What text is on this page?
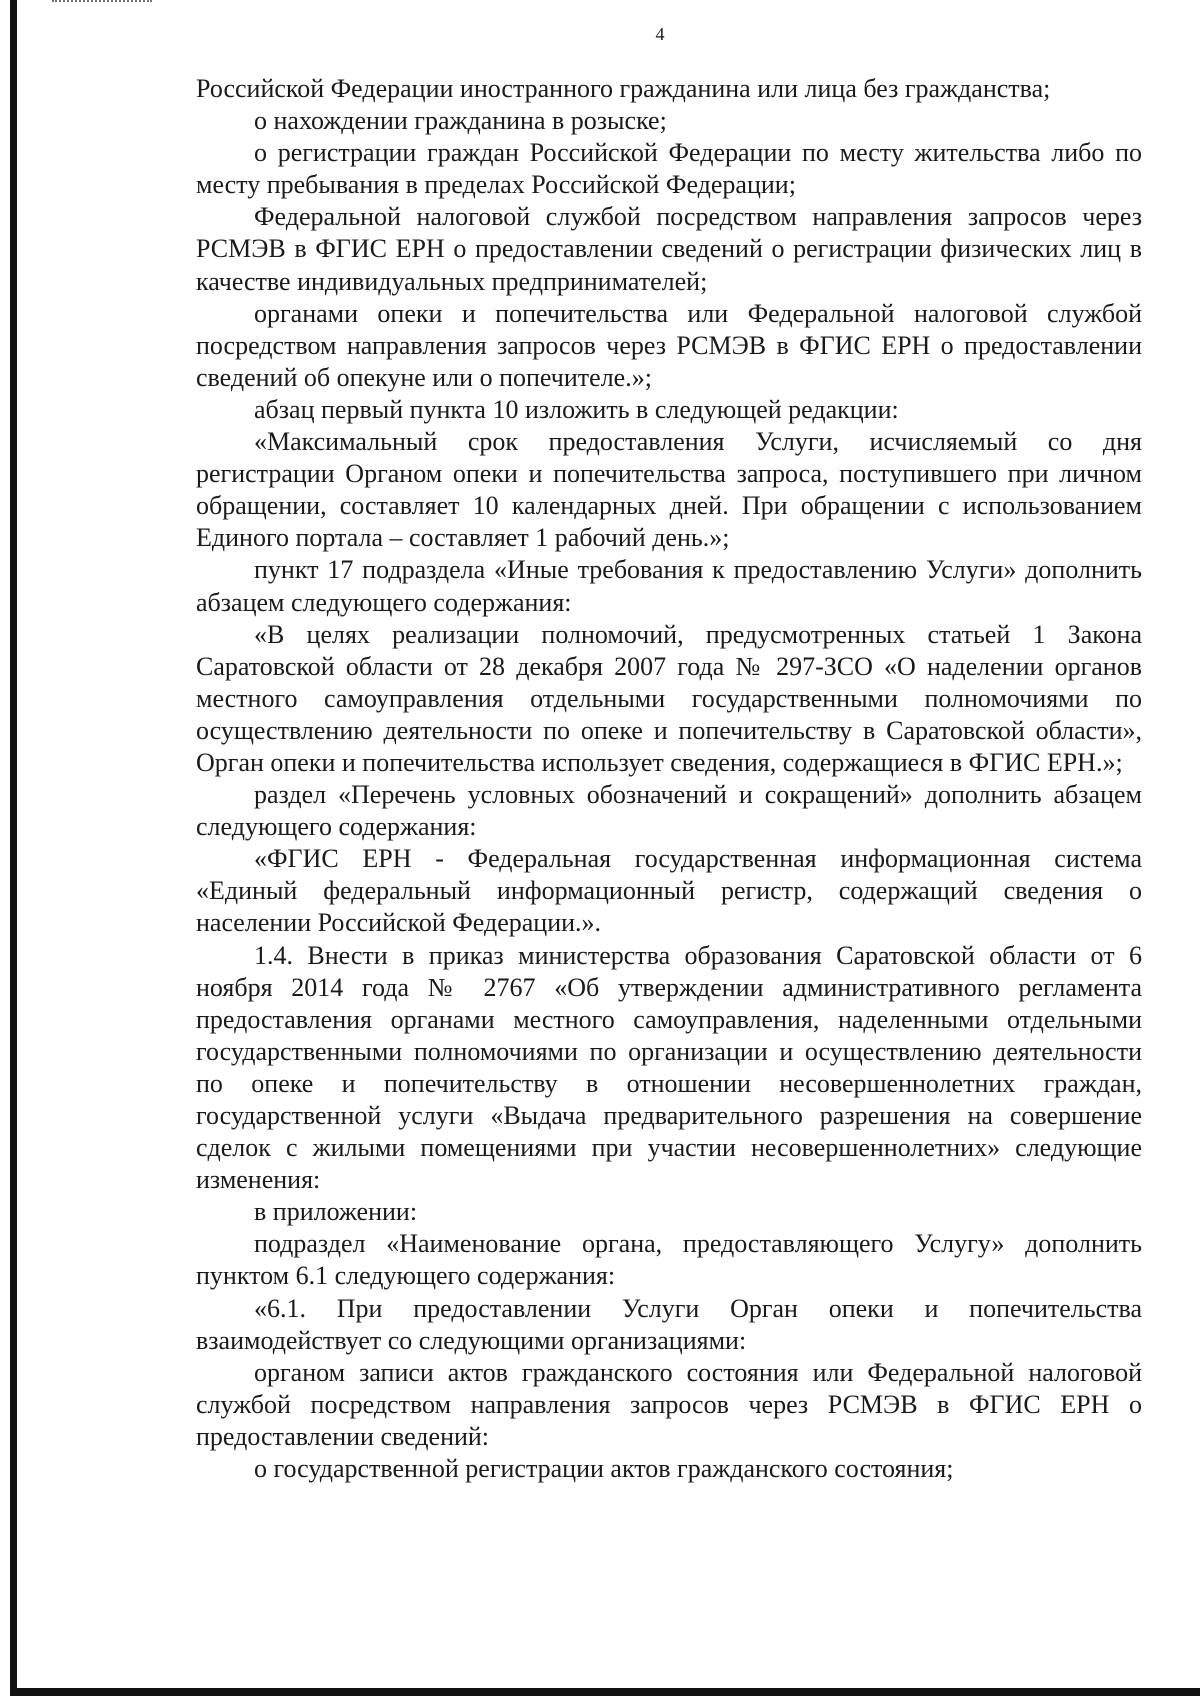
4

Российской Федерации иностранного гражданина или лица без гражданства;

о нахождении гражданина в розыске;

о регистрации граждан Российской Федерации по месту жительства либо по месту пребывания в пределах Российской Федерации;

Федеральной налоговой службой посредством направления запросов через РСМЭВ в ФГИС ЕРН о предоставлении сведений о регистрации физических лиц в качестве индивидуальных предпринимателей;

органами опеки и попечительства или Федеральной налоговой службой посредством направления запросов через РСМЭВ в ФГИС ЕРН о предоставлении сведений об опекуне или о попечителе.»;

абзац первый пункта 10 изложить в следующей редакции:

«Максимальный срок предоставления Услуги, исчисляемый со дня регистрации Органом опеки и попечительства запроса, поступившего при личном обращении, составляет 10 календарных дней. При обращении с использованием Единого портала – составляет 1 рабочий день.»;

пункт 17 подраздела «Иные требования к предоставлению Услуги» дополнить абзацем следующего содержания:

«В целях реализации полномочий, предусмотренных статьей 1 Закона Саратовской области от 28 декабря 2007 года № 297-ЗСО «О наделении органов местного самоуправления отдельными государственными полномочиями по осуществлению деятельности по опеке и попечительству в Саратовской области», Орган опеки и попечительства использует сведения, содержащиеся в ФГИС ЕРН.»;

раздел «Перечень условных обозначений и сокращений» дополнить абзацем следующего содержания:

«ФГИС ЕРН - Федеральная государственная информационная система «Единый федеральный информационный регистр, содержащий сведения о населении Российской Федерации.».

1.4. Внести в приказ министерства образования Саратовской области от 6 ноября 2014 года № 2767 «Об утверждении административного регламента предоставления органами местного самоуправления, наделенными отдельными государственными полномочиями по организации и осуществлению деятельности по опеке и попечительству в отношении несовершеннолетних граждан, государственной услуги «Выдача предварительного разрешения на совершение сделок с жилыми помещениями при участии несовершеннолетних» следующие изменения:

в приложении:

подраздел «Наименование органа, предоставляющего Услугу» дополнить пунктом 6.1 следующего содержания:

«6.1. При предоставлении Услуги Орган опеки и попечительства взаимодействует со следующими организациями:

органом записи актов гражданского состояния или Федеральной налоговой службой посредством направления запросов через РСМЭВ в ФГИС ЕРН о предоставлении сведений:

о государственной регистрации актов гражданского состояния;
